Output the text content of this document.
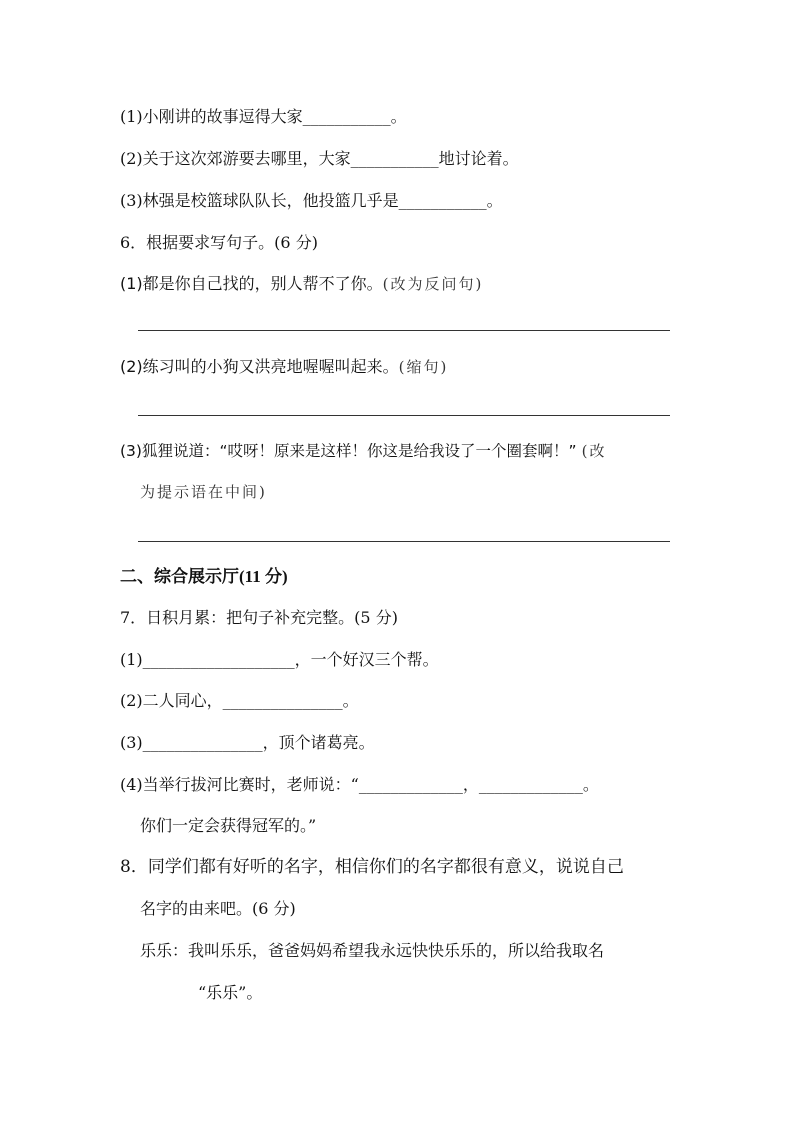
(1)小刚讲的故事逗得大家___________。
(2)关于这次郊游要去哪里，大家___________地讨论着。
(3)林强是校篮球队队长，他投篮几乎是___________。
6．根据要求写句子。(6 分)
(1)都是你自己找的，别人帮不了你。(改为反问句)
(2)练习叫的小狗又洪亮地喔喔叫起来。(缩句)
(3)狐狸说道：“哎呀！原来是这样！你这是给我设了一个圈套啊！” (改
为提示语在中间)
二、综合展示厅(11 分)
7．日积月累：把句子补充完整。(5 分)
(1)___________________，一个好汉三个帮。
(2)二人同心，_______________。
(3)_______________，顶个诸葛亮。
(4)当举行拔河比赛时，老师说：“_____________，_____________。
你们一定会获得冠军的。”
8．同学们都有好听的名字，相信你们的名字都很有意义，说说自己
名字的由来吧。(6 分)
乐乐：我叫乐乐，爸爸妈妈希望我永远快快乐乐的，所以给我取名
“乐乐”。
